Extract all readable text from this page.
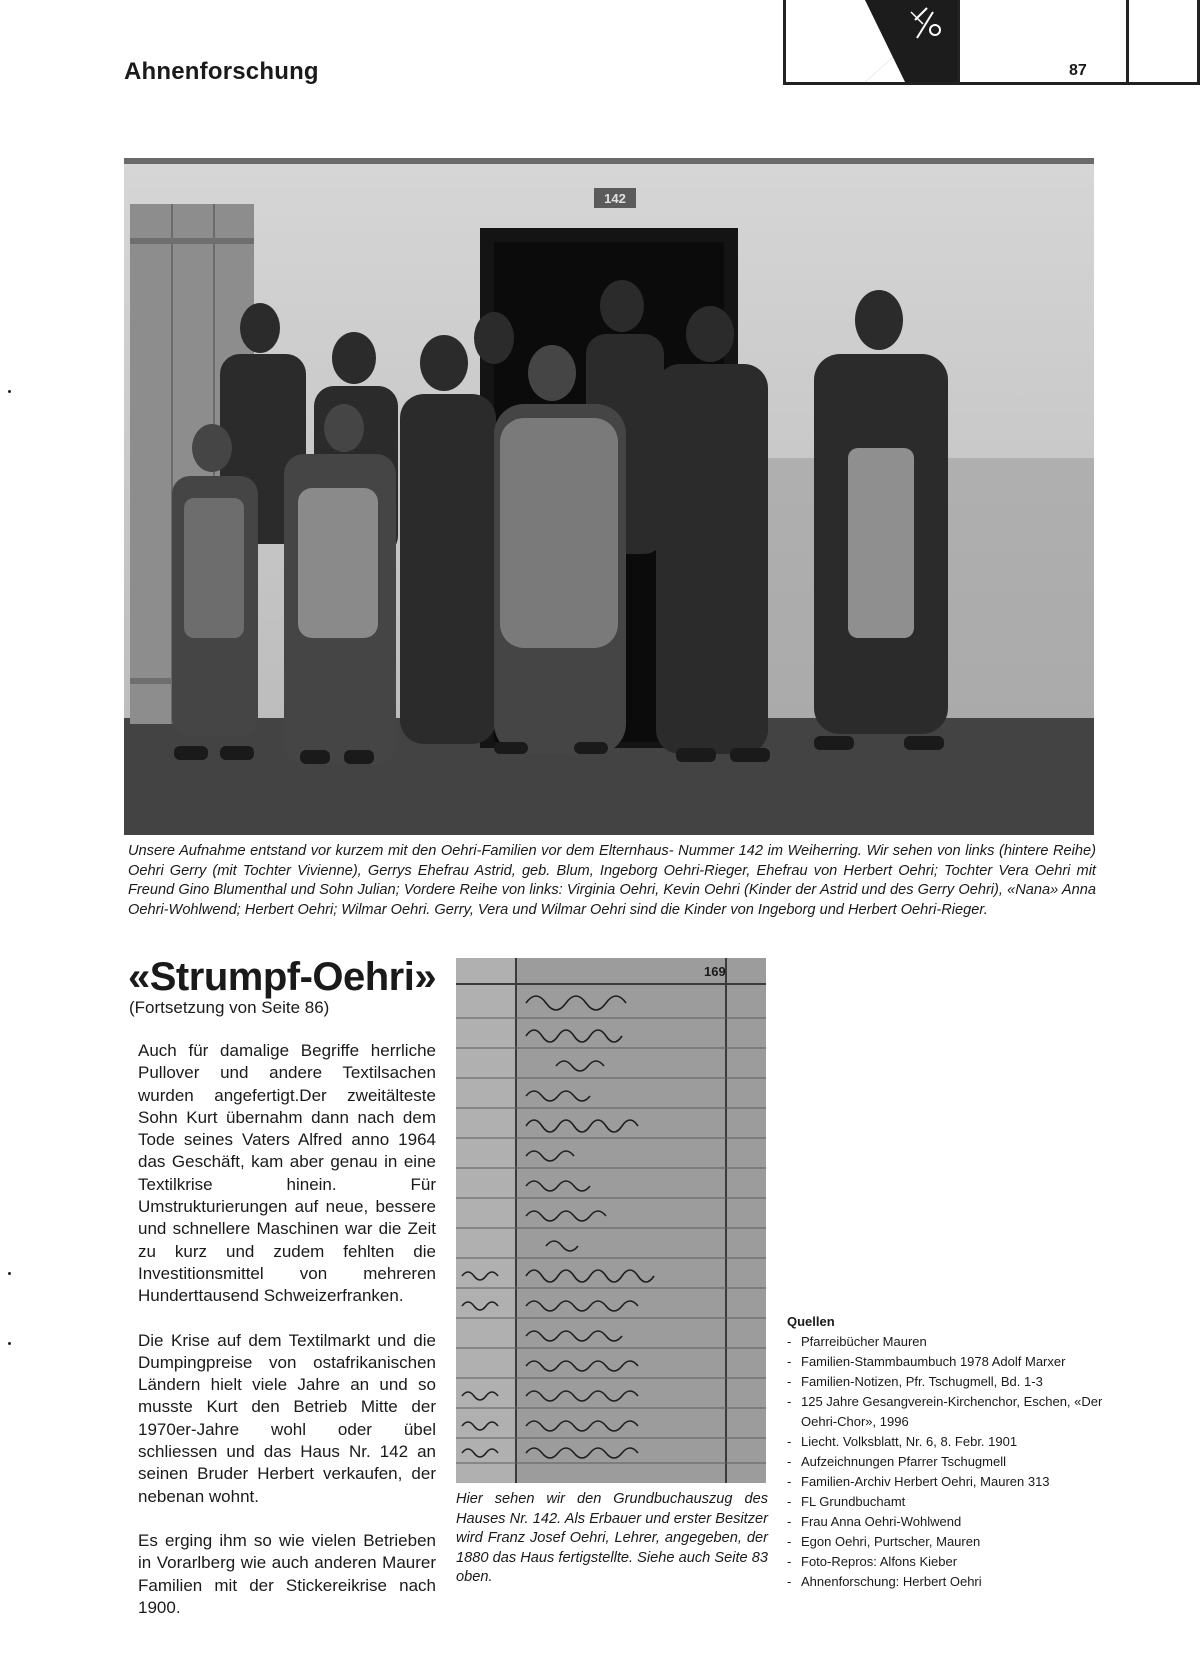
Ahnenforschung	87
142
Unsere Aufnahme entstand vor kurzem mit den Oehri-Familien vor dem Elternhaus- Nummer 142 im Weiherring. Wir sehen von links (hintere Reihe) Oehri Gerry (mit Tochter Vivienne), Gerrys Ehefrau Astrid, geb. Blum, Ingeborg Oehri-Rieger, Ehefrau von Herbert Oehri; Tochter Vera Oehri mit Freund Gino Blumenthal und Sohn Julian; Vordere Reihe von links: Virginia Oehri, Kevin Oehri (Kinder der Astrid und des Gerry Oehri), «Nana» Anna Oehri-Wohlwend; Herbert Oehri; Wilmar Oehri. Gerry, Vera und Wilmar Oehri sind die Kinder von Ingeborg und Herbert Oehri-Rieger.
«Strumpf-Oehri»
(Fortsetzung von Seite 86)

Auch für damalige Begriffe herrliche Pullover und andere Textilsachen wurden angefertigt.Der zweitälteste Sohn Kurt übernahm dann nach dem Tode seines Vaters Alfred anno 1964 das Geschäft, kam aber genau in eine Textilkrise hinein. Für Umstrukturierungen auf neue, bessere und schnellere Maschinen war die Zeit zu kurz und zudem fehlten die Investitionsmittel von mehreren Hunderttausend Schweizerfranken.

Die Krise auf dem Textilmarkt und die Dumpingpreise von ostafrikanischen Ländern hielt viele Jahre an und so musste Kurt den Betrieb Mitte der 1970er-Jahre wohl oder übel schliessen und das Haus Nr. 142 an seinen Bruder Herbert verkaufen, der nebenan wohnt.

Es erging ihm so wie vielen Betrieben in Vorarlberg wie auch anderen Maurer Familien mit der Stickereikrise nach 1900.

169
Hier sehen wir den Grundbuchauszug des Hauses Nr. 142. Als Erbauer und erster Besitzer wird Franz Josef Oehri, Lehrer, angegeben, der 1880 das Haus fertigstellte. Siehe auch Seite 83 oben.
Quellen
- Pfarreibücher Mauren
- Familien-Stammbaumbuch 1978 Adolf Marxer
- Familien-Notizen, Pfr. Tschugmell, Bd. 1-3
- 125 Jahre Gesangverein-Kirchenchor, Eschen, «Der Oehri-Chor», 1996
- Liecht. Volksblatt, Nr. 6, 8. Febr. 1901
- Aufzeichnungen Pfarrer Tschugmell
- Familien-Archiv Herbert Oehri, Mauren 313
- FL Grundbuchamt
- Frau Anna Oehri-Wohlwend
- Egon Oehri, Purtscher, Mauren
- Foto-Repros: Alfons Kieber
- Ahnenforschung: Herbert Oehri
